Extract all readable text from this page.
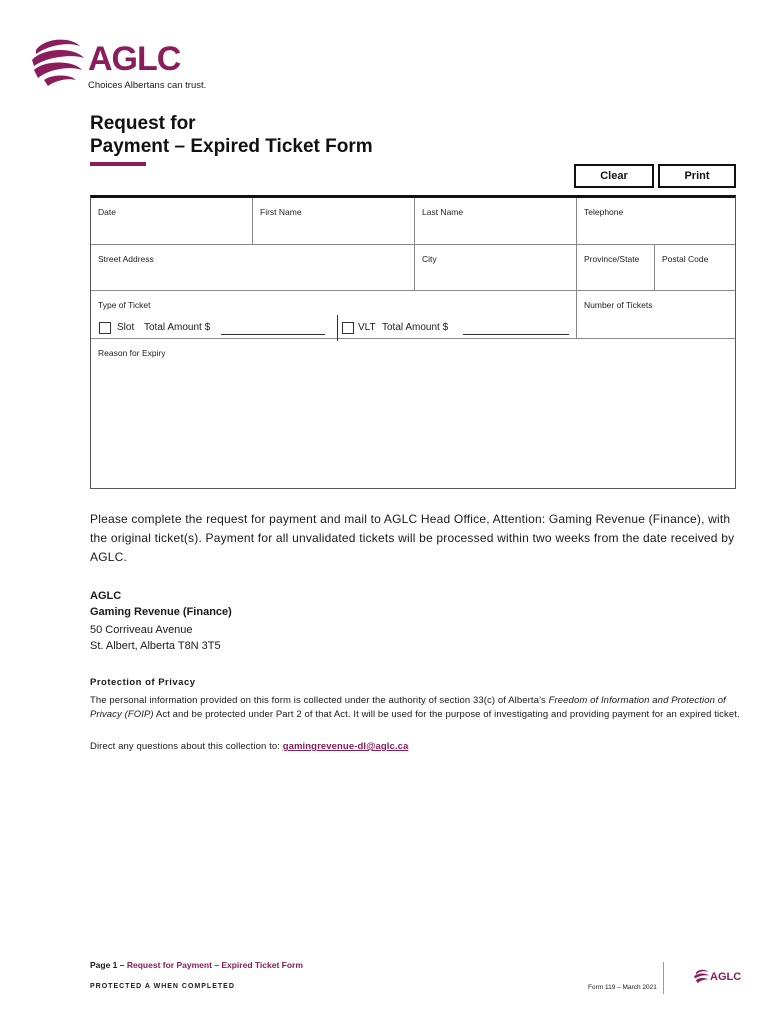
AGLC
Choices Albertans can trust.
Request for
Payment – Expired Ticket Form
Clear	Print
Date	First Name	Last Name	Telephone
Street Address	City	Province/State	Postal Code
Type of Ticket	Number of Tickets
Slot Total Amount $	VLT Total Amount $
Reason for Expiry

Please complete the request for payment and mail to AGLC Head Office, Attention: Gaming Revenue (Finance), with the original ticket(s). Payment for all unvalidated tickets will be processed within two weeks from the date received by AGLC.

AGLC
Gaming Revenue (Finance)
50 Corriveau Avenue
St. Albert, Alberta T8N 3T5
Protection of Privacy

The personal information provided on this form is collected under the authority of section 33(c) of Alberta’s Freedom of Information and Protection of Privacy (FOIP) Act and be protected under Part 2 of that Act. It will be used for the purpose of investigating and providing payment for an expired ticket.

Direct any questions about this collection to: gamingrevenue-dl@aglc.ca
Page 1 – Request for Payment – Expired Ticket Form
PROTECTED A WHEN COMPLETED	Form 119 – March 2021
AGLC
